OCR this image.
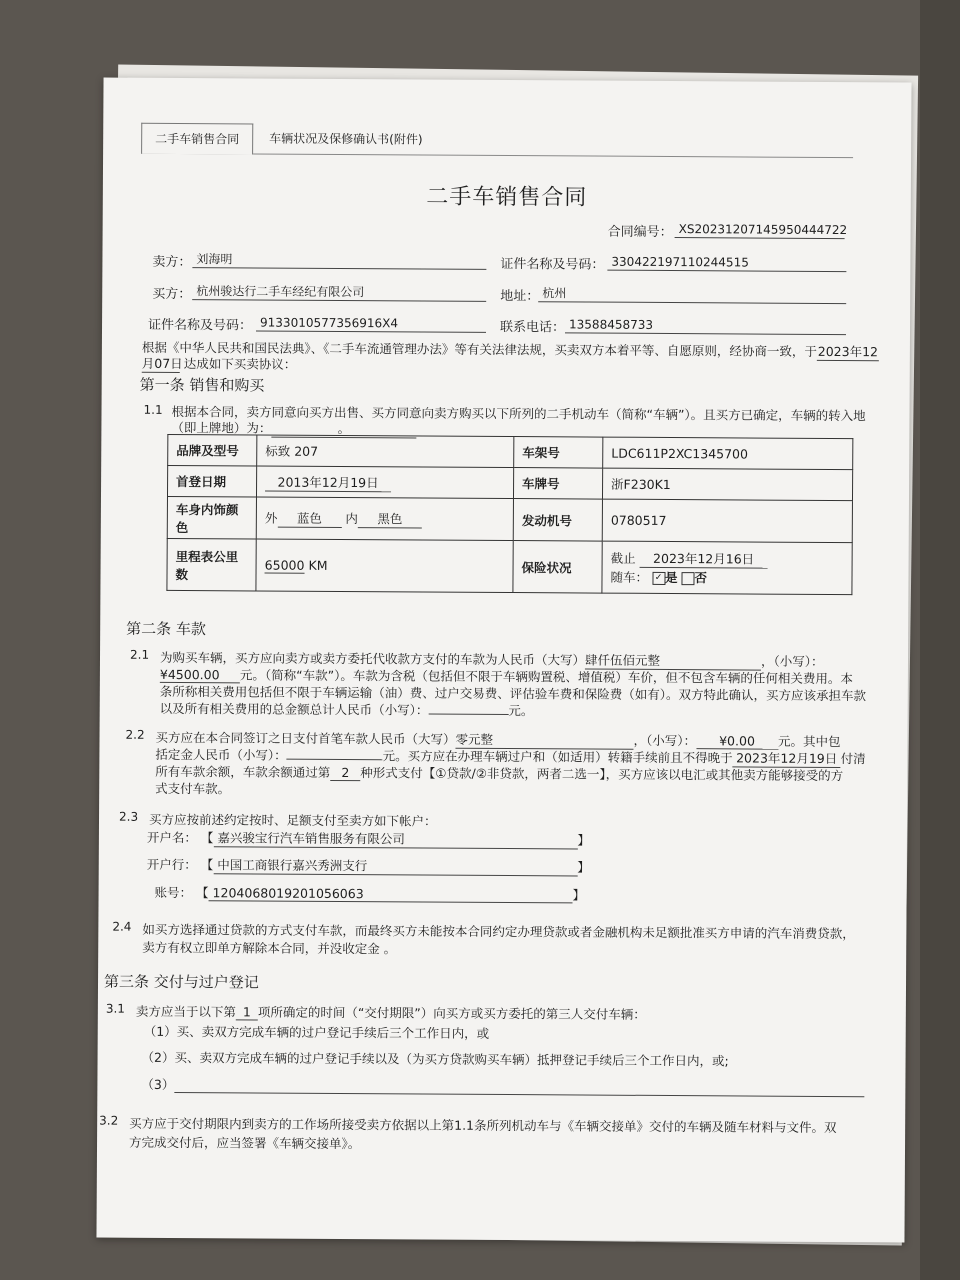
二手车销售合同	车辆状况及保修确认书(附件)
二手车销售合同
合同编号： XS20231207145950444722
卖方： 刘海明	证件名称及号码： 330422197110244515
买方： 杭州骏达行二手车经纪有限公司	地址： 杭州
证件名称及号码： 9133010577356916X4	联系电话： 13588458733
根据《中华人民共和国民法典》、《二手车流通管理办法》等有关法律法规，买卖双方本着平等、自愿原则，经协商一致，于2023年12
月07日 达成如下买卖协议：
第一条 销售和购买
1.1 根据本合同，卖方同意向买方出售、买方同意向卖方购买以下所列的二手机动车（简称“车辆”）。且买方已确定，车辆的转入地
（即上牌地）为：	。
品牌及型号	标致 207	车架号	LDC611P2XC1345700
首登日期	2013年12月19日	车牌号	浙F230K1
车身内饰颜色	外 蓝色 内 黑色	发动机号	0780517
里程表公里数	65000 KM	保险状况	截止 2023年12月16日
随车： ✓ 是 否
第二条 车款
2.1 为购买车辆，买方应向卖方或卖方委托代收款方支付的车款为人民币（大写）肆仟伍佰元整	，（小写）：
¥4500.00 元。（简称“车款”）。车款为含税（包括但不限于车辆购置税、增值税）车价，但不包含车辆的任何相关费用。本
条所称相关费用包括但不限于车辆运输（油）费、过户交易费、评估验车费和保险费（如有）。双方特此确认，买方应该承担车款
以及所有相关费用的总金额总计人民币（小写）：	元。
2.2 买方应在本合同签订之日支付首笔车款人民币（大写）零元整	，（小写）： ¥0.00 元。其中包
括定金人民币（小写）：	元。买方应在办理车辆过户和（如适用）转籍手续前且不得晚于 2023年12月19日 付清
所有车款余额，车款余额通过第 2 种形式支付【①贷款/②非贷款，两者二选一】，买方应该以电汇或其他卖方能够接受的方
式支付车款。
2.3 买方应按前述约定按时、足额支付至卖方如下帐户：
开户名： 【 嘉兴骏宝行汽车销售服务有限公司	】
开户行： 【 中国工商银行嘉兴秀洲支行	】
账号： 【 1204068019201056063	】
2.4 如买方选择通过贷款的方式支付车款，而最终买方未能按本合同约定办理贷款或者金融机构未足额批准买方申请的汽车消费贷款，
卖方有权立即单方解除本合同，并没收定金 。
第三条 交付与过户登记
3.1 卖方应当于以下第 1 项所确定的时间（“交付期限”）向买方或买方委托的第三人交付车辆：
（1）买、卖双方完成车辆的过户登记手续后三个工作日内，或
（2）买、卖双方完成车辆的过户登记手续以及（为买方贷款购买车辆）抵押登记手续后三个工作日内，或;
（3）
3.2 买方应于交付期限内到卖方的工作场所接受卖方依据以上第1.1条所列机动车与《车辆交接单》交付的车辆及随车材料与文件。双
方完成交付后，应当签署《车辆交接单》。
